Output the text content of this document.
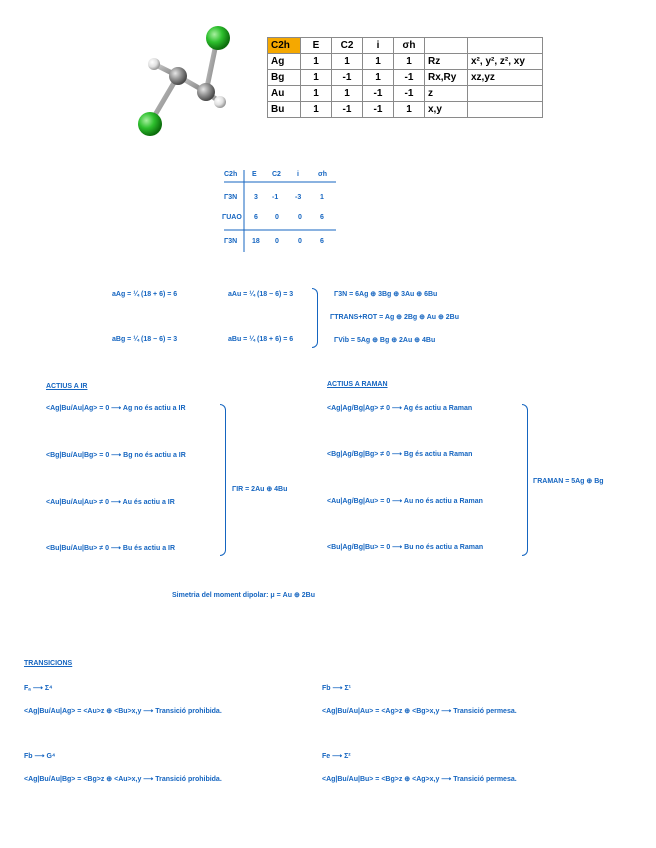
C2h	E	C2	i	σh		
Ag	1	1	1	1	Rz	x², y², z², xy
Bg	1	-1	1	-1	Rx,Ry	xz,yz
Au	1	1	-1	-1	z	
Bu	1	-1	-1	1	x,y	
C2h E C2 i	σh
Γ3N 3 -1 -3	1
ΓUAO 6 0	0	6
Γ3N 18 0	0	6
aAg = ¼ (18 + 6) = 6
aBg = ¼ (18 − 6) = 3
aAu = ¼ (18 − 6) = 3
aBu = ¼ (18 + 6) = 6
Γ3N = 6Ag ⊕ 3Bg ⊕ 3Au ⊕ 6Bu
ΓTRANS+ROT = Ag ⊕ 2Bg ⊕ Au ⊕ 2Bu
ΓVib = 5Ag ⊕ Bg ⊕ 2Au ⊕ 4Bu
ACTIUS A IR
<Ag|Bu/Au|Ag> = 0 ⟶ Ag no és actiu a IR
<Bg|Bu/Au|Bg> = 0 ⟶ Bg no és actiu a IR
<Au|Bu/Au|Au> ≠ 0 ⟶ Au és actiu a IR
<Bu|Bu/Au|Bu> ≠ 0 ⟶ Bu és actiu a IR
ΓIR = 2Au ⊕ 4Bu
ACTIUS A RAMAN
<Ag|Ag/Bg|Ag> ≠ 0 ⟶ Ag és actiu a Raman
<Bg|Ag/Bg|Bg> ≠ 0 ⟶ Bg és actiu a Raman
<Au|Ag/Bg|Au> = 0 ⟶ Au no és actiu a Raman
<Bu|Ag/Bg|Bu> = 0 ⟶ Bu no és actiu a Raman
ΓRAMAN = 5Ag ⊕ Bg
Simetria del moment dipolar: μ = Au ⊕ 2Bu
TRANSICIONS
Fₐ ⟶ Σ⁴
<Ag|Bu/Au|Ag> = <Au>z ⊕ <Bu>x,y ⟶ Transició prohibida.
Fb ⟶ Σ¹
<Ag|Bu/Au|Au> = <Ag>z ⊕ <Bg>x,y ⟶ Transició permesa.
Fb ⟶ G⁴
<Ag|Bu/Au|Bg> = <Bg>z ⊕ <Au>x,y ⟶ Transició prohibida.
Fe ⟶ Σ²
<Ag|Bu/Au|Bu> = <Bg>z ⊕ <Ag>x,y ⟶ Transició permesa.
